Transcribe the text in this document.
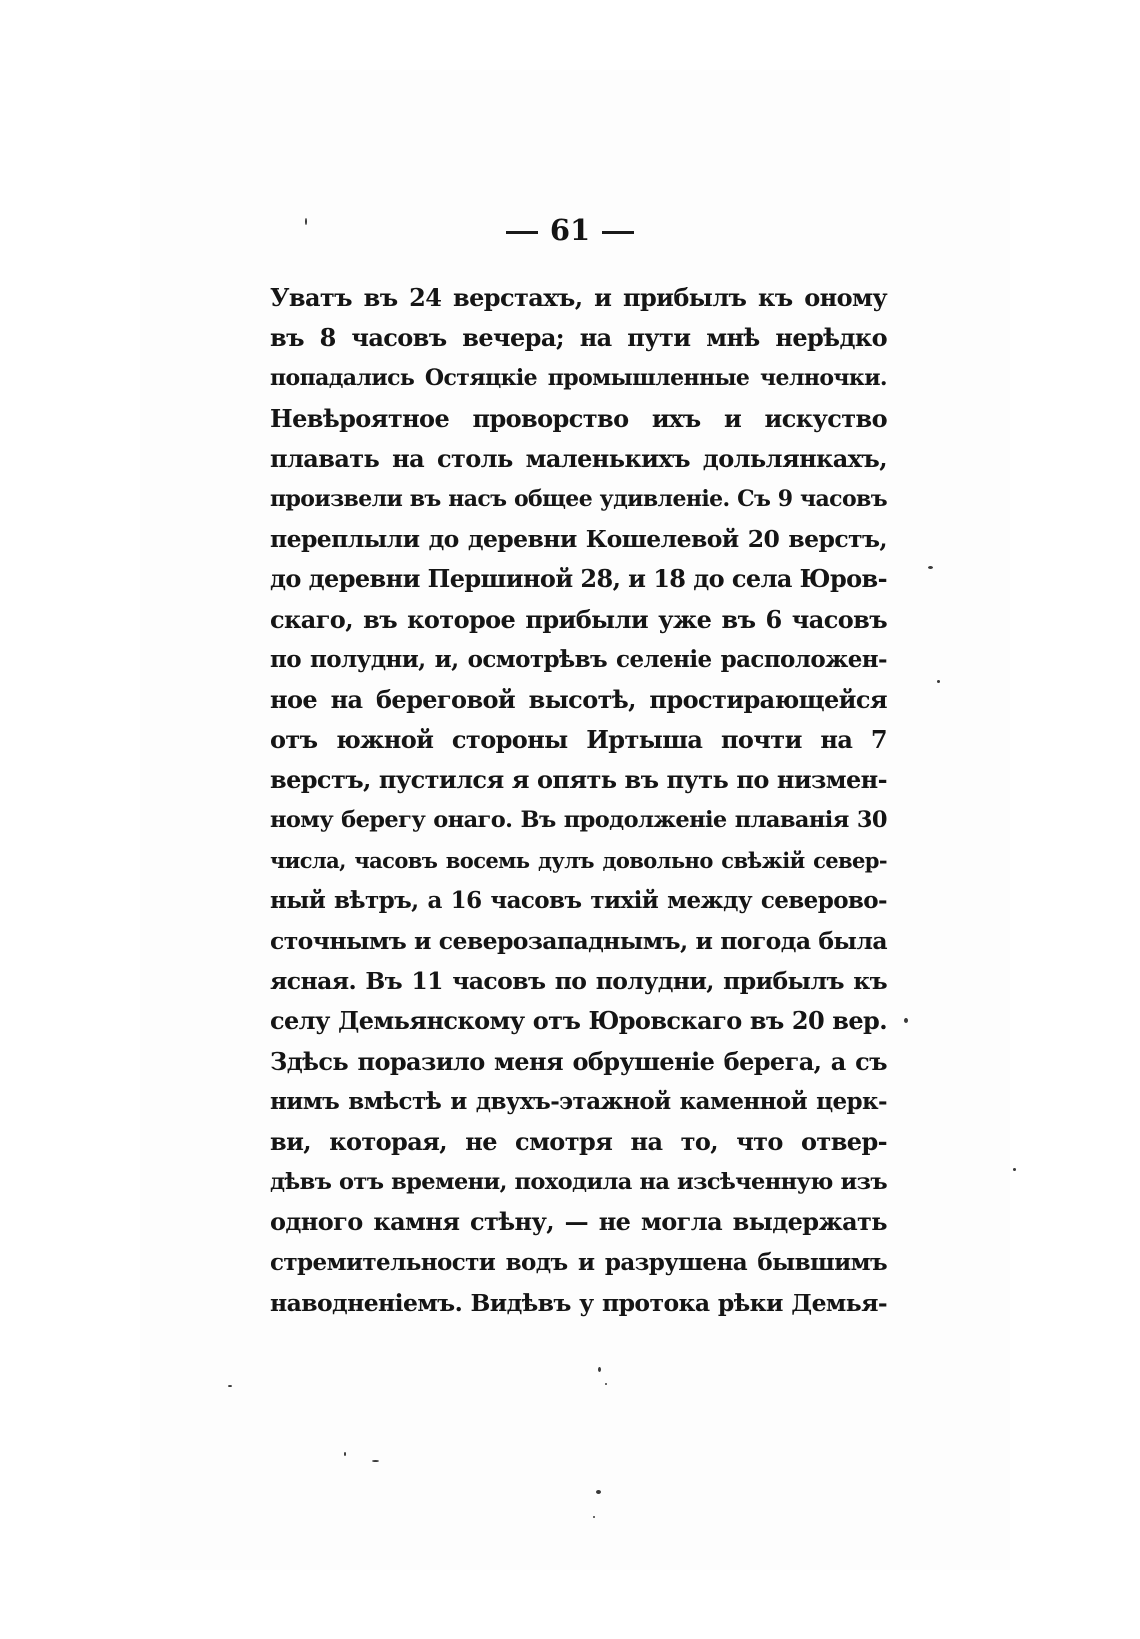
61
Уватъ въ 24 верстахъ, и прибылъ къ оному
въ 8 часовъ вечера; на пути мнѣ нерѣдко
попадались Остяцкіе промышленные челночки.
Невѣроятное проворство ихъ и искуство
плавать на столь маленькихъ дольлянкахъ,
произвели въ насъ общее удивленіе. Съ 9 часовъ
переплыли до деревни Кошелевой 20 верстъ,
до деревни Першиной 28, и 18 до села Юров-
скаго, въ которое прибыли уже въ 6 часовъ
по полудни, и, осмотрѣвъ селеніе расположен-
ное на береговой высотѣ, простирающейся
отъ южной стороны Иртыша почти на 7
верстъ, пустился я опять въ путь по низмен-
ному берегу онаго. Въ продолженіе плаванія 30
числа, часовъ восемь дулъ довольно свѣжій север-
ный вѣтръ, а 16 часовъ тихій между северово-
сточнымъ и северозападнымъ, и погода была
ясная. Въ 11 часовъ по полудни, прибылъ къ
селу Демьянскому отъ Юровскаго въ 20 вер.
Здѣсь поразило меня обрушеніе берега, а съ
нимъ вмѣстѣ и двухъ-этажной каменной церк-
ви, которая, не смотря на то, что отвер-
дѣвъ отъ времени, походила на изсѣченную изъ
одного камня стѣну, — не могла выдержать
стремительности водъ и разрушена бывшимъ
наводненіемъ. Видѣвъ у протока рѣки Демья-
